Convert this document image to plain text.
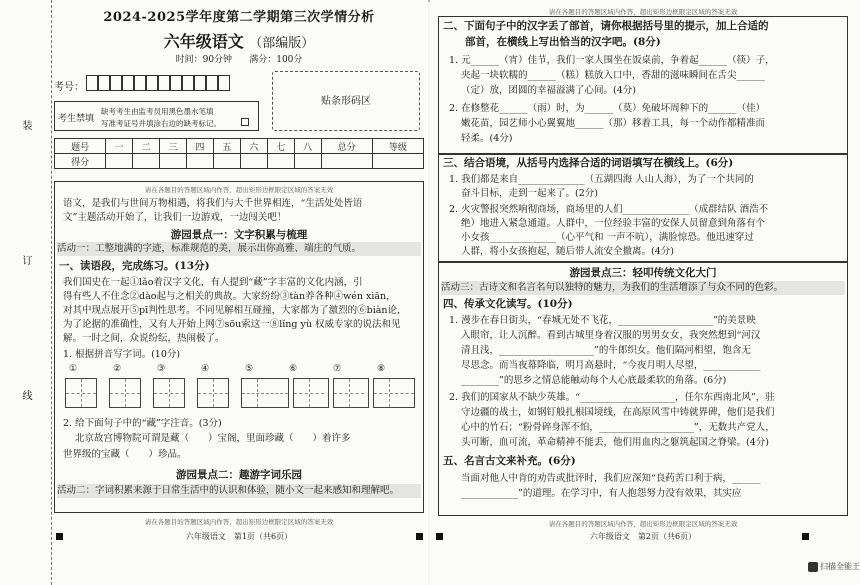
装
订
线
2024-2025学年度第二学期第三次学情分析
六年级语文 （部编版）
时间：90分钟 满分：100分
考号：
考生禁填
缺考考生由监考员用黑色墨水笔填
写准考证号并填涂右边的缺考标记。
贴条形码区
题号	一	二	三	四	五	六	七	八	总分	等级
得分										
请在各题目的答题区域内作答，超出矩形边框限定区域的答案无效
语文，是我们与世间万物相遇，将我们与大千世界相连，“生活处处皆语
文”主题活动开始了，让我们一边游戏，一边闯关吧！
游园景点一：文字积累与梳理
活动一：工整地满的字迹，标准规范的美，展示出你高雅、端庄的气质。
一、读语段，完成练习。(13分)
我们国史在一起①lǎo着汉字文化，有人提到“藏”字丰富的文化内涵，引
得有些人不住念②dào起与之相关的典故。大家纷纷③tàn养各种④wén xiān，
对其中现点展开⑤pī判性思考。不同见解相互碰撞，大家都为了激烈的⑥biàn论，
为了论据的准确性，又有人开始上网⑦sōu索这一⑧lǐng yù 权威专家的说法和见
解。一时之间，众说纷纭，热闹极了。
1. 根据拼音写字词。(10分)
①	②	③	④	⑤	⑥	⑦	⑧
2. 给下面句子中的“藏”字注音。(3分)
北京故宫博物院可谓是藏（　　）宝阁，里面珍藏（　　）着许多
世界级的宝藏（　　）珍品。
游园景点二：趣游字词乐园
活动二：字词积累来源于日常生活中的认识和体验，随小文一起来感知和理解吧。
请在各题目的答题区域内作答，超出矩形边框限定区域的答案无效
六年级语文　第1页（共6页）
请在各题目的答题区域内作答，超出矩形边框限定区域的答案无效
二、下面句子中的汉字丢了部首，请你根据括号里的提示，加上合适的
部首，在横线上写出恰当的汉字吧。(8分)
1. 元______（宵）佳节，我们一家人围坐在饭桌前，争着起______（筷）子，
夹起一块软糯的______（糕）糕放入口中，香甜的滋味瞬间在舌尖______
（定）放，团圆的幸福溢满了心间。(4分)
2. 在修整花______（雨）时，为______（莫）免破坏周种下的______（佳）
嫩花苗，园艺师小心翼翼地______（那）移着工具，每一个动作都精准而
轻柔。(4分)
三、结合语境，从括号内选择合适的词语填写在横线上。(6分)
1. 我们都是来自______________（五湖四海 人山人海），为了一个共同的
奋斗目标，走到一起来了。(2分)
2. 火灾警报突然响彻商场，商场里的人们______________（成群结队 酒浩不
绝）地进入紧急通道。人群中，一位经验丰富的安保人员留意到角落有个
小女孩______________（心平气和 一声不吭），满脸惊恐。他迅速穿过
人群，将小女孩抱起，随后带人流安全撤离。(4分)
游园景点三：轻叩传统文化大门
活动三：古诗文和名言名句以独特的魅力，为我们的生活增添了与众不同的色彩。
四、传承文化读写。(10分)
1. 漫步在春日街头，“春城无处不飞花，____________________”的美景映
入眼帘，让人沉醉。看到古城里身着汉服的男男女女，我突然想到“河汉
清且浅，____________________”的牛郎织女。他们隔河相望，饱含无
尽思念。而当夜幕降临，明月高悬时，“今夜月明人尽望，____________
________”的思乡之情总能触动每个人心底最柔软的角落。(6分)
2. 我们的国家从不缺少英雄。“____________________，任尔东西南北风”，驻
守边疆的战士，如钢钉般扎根国境线，在高原风雪中铸就界碑，他们是我们
心中的竹石；“粉骨碎身浑不怕，____________________”，无数共产党人，
头可断，血可流，革命精神不能丢，他们用血肉之躯筑起国之脊梁。(4分)
五、名言古文来补充。(6分)
当面对他人中肯的劝告或批评时，我们应深知“良药苦口利于病，______
____________”的道理。在学习中，有人抱怨努力没有效果，其实应
请在各题目的答题区域内作答，超出矩形边框限定区域的答案无效
六年级语文　第2页（共6页）
扫描全能王
